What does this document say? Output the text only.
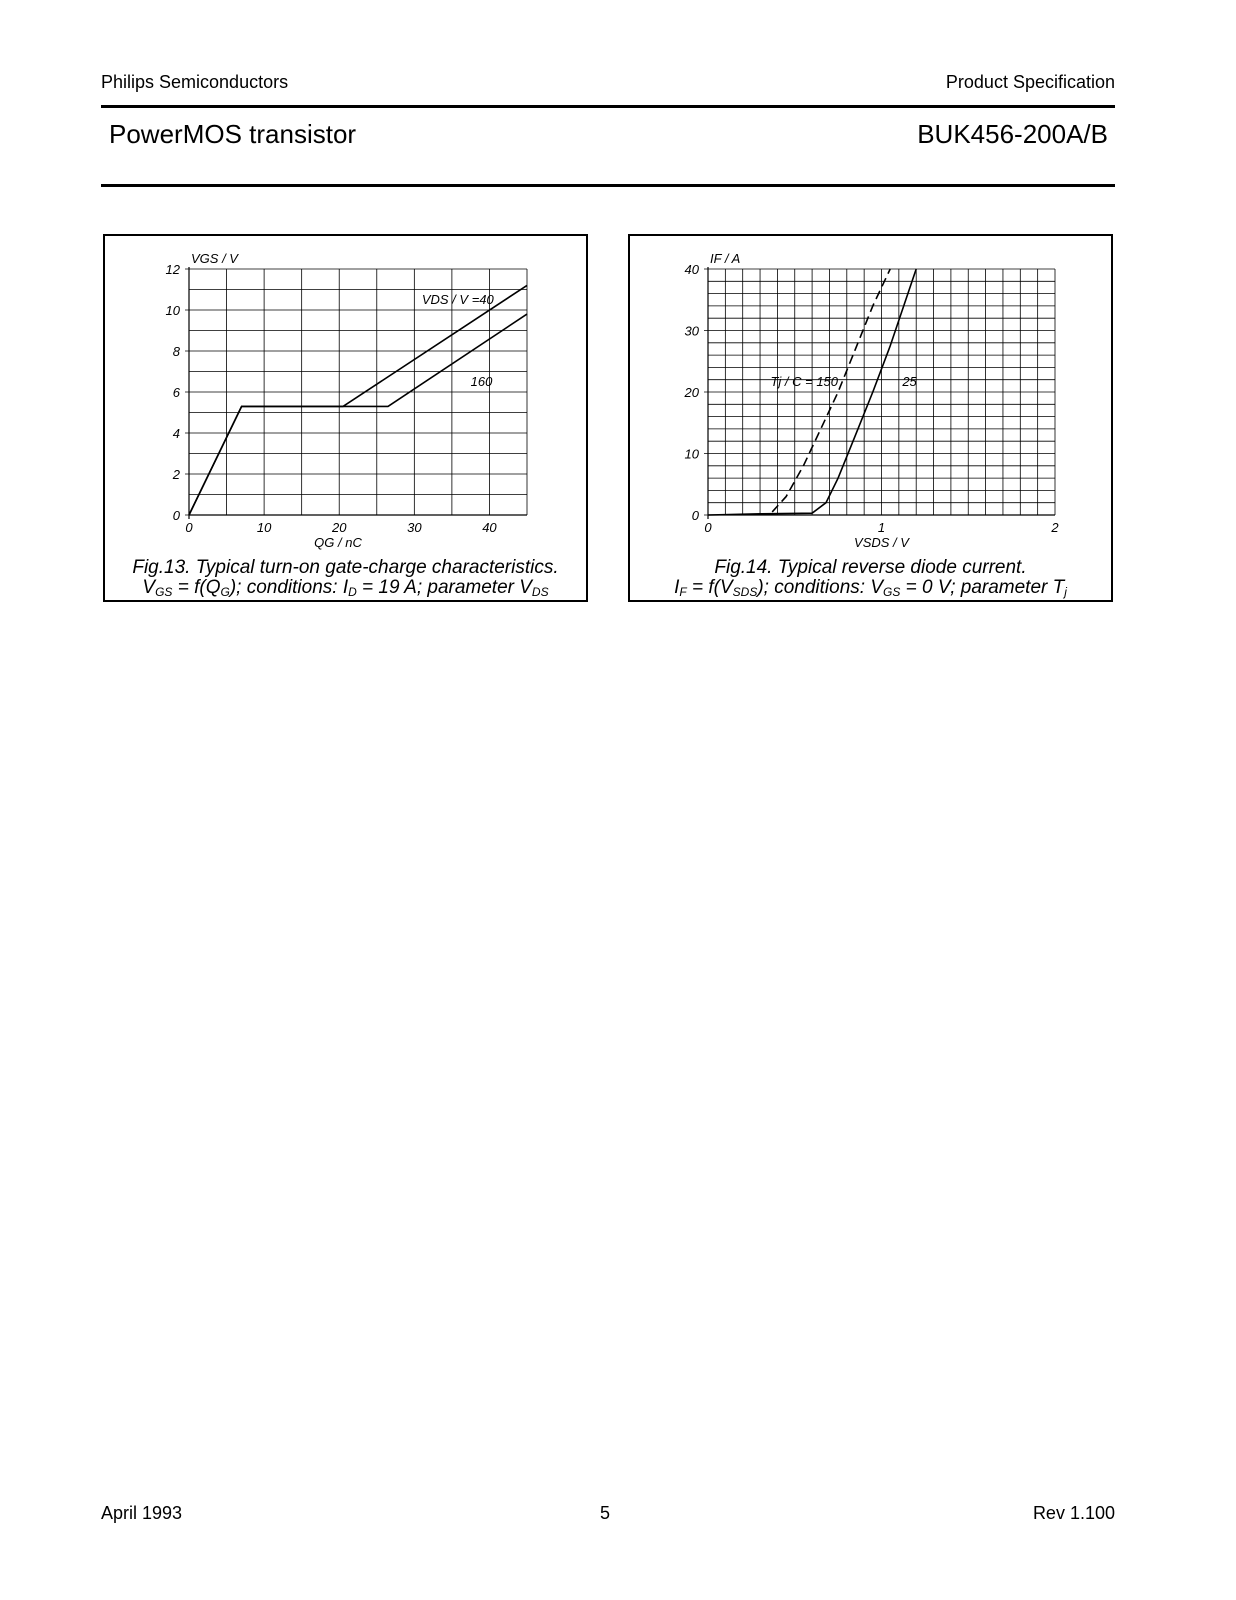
Philips Semiconductors	Product Specification
PowerMOS transistor	BUK456-200A/B
0	10	20	30	40
0
2
4
6
8
10
12
QG / nC
VGS / V
VDS / V =40
160
Fig.13. Typical turn-on gate-charge characteristics.
$V_{GS} = f(Q_G)$; conditions: $I_D = 19$ A; parameter $V_{DS}$
0	1	2
0
10
20
30
40
VSDS / V
IF / A
Tj / C = 150	25
Fig.14. Typical reverse diode current.
$I_F = f(V_{SDS})$; conditions: $V_{GS} = 0$ V; parameter $T_j$
April 1993	5	Rev 1.100
